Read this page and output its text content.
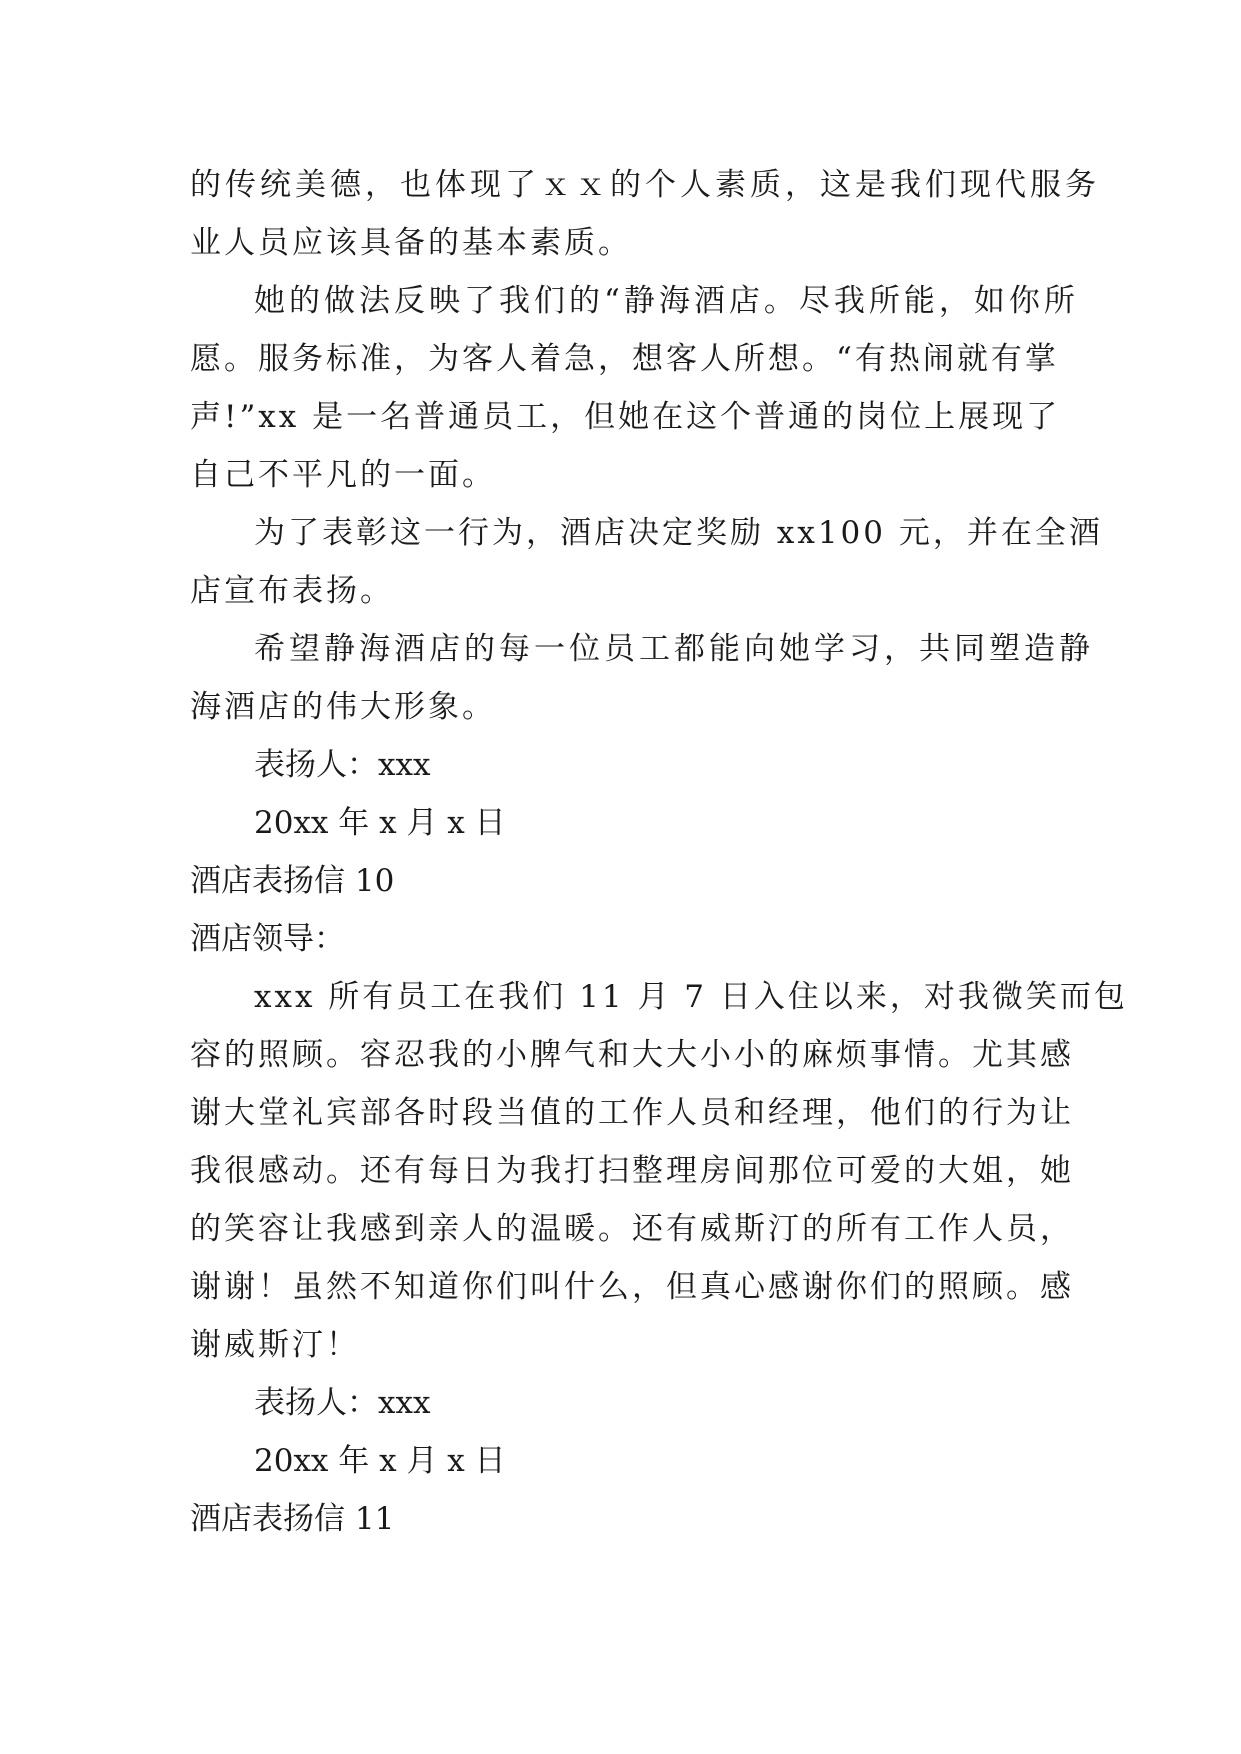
的传统美德，也体现了ｘｘ的个人素质，这是我们现代服务
业人员应该具备的基本素质。
她的做法反映了我们的“静海酒店。尽我所能，如你所
愿。服务标准，为客人着急，想客人所想。“有热闹就有掌
声!”xx 是一名普通员工，但她在这个普通的岗位上展现了
自己不平凡的一面。
为了表彰这一行为，酒店决定奖励 xx100 元，并在全酒
店宣布表扬。
希望静海酒店的每一位员工都能向她学习，共同塑造静
海酒店的伟大形象。
表扬人：xxx
20xx 年 x 月 x 日
酒店表扬信 10
酒店领导：
xxx 所有员工在我们 11 月 7 日入住以来，对我微笑而包
容的照顾。容忍我的小脾气和大大小小的麻烦事情。尤其感
谢大堂礼宾部各时段当值的工作人员和经理，他们的行为让
我很感动。还有每日为我打扫整理房间那位可爱的大姐，她
的笑容让我感到亲人的温暖。还有威斯汀的所有工作人员，
谢谢！虽然不知道你们叫什么，但真心感谢你们的照顾。感
谢威斯汀！
表扬人：xxx
20xx 年 x 月 x 日
酒店表扬信 11
